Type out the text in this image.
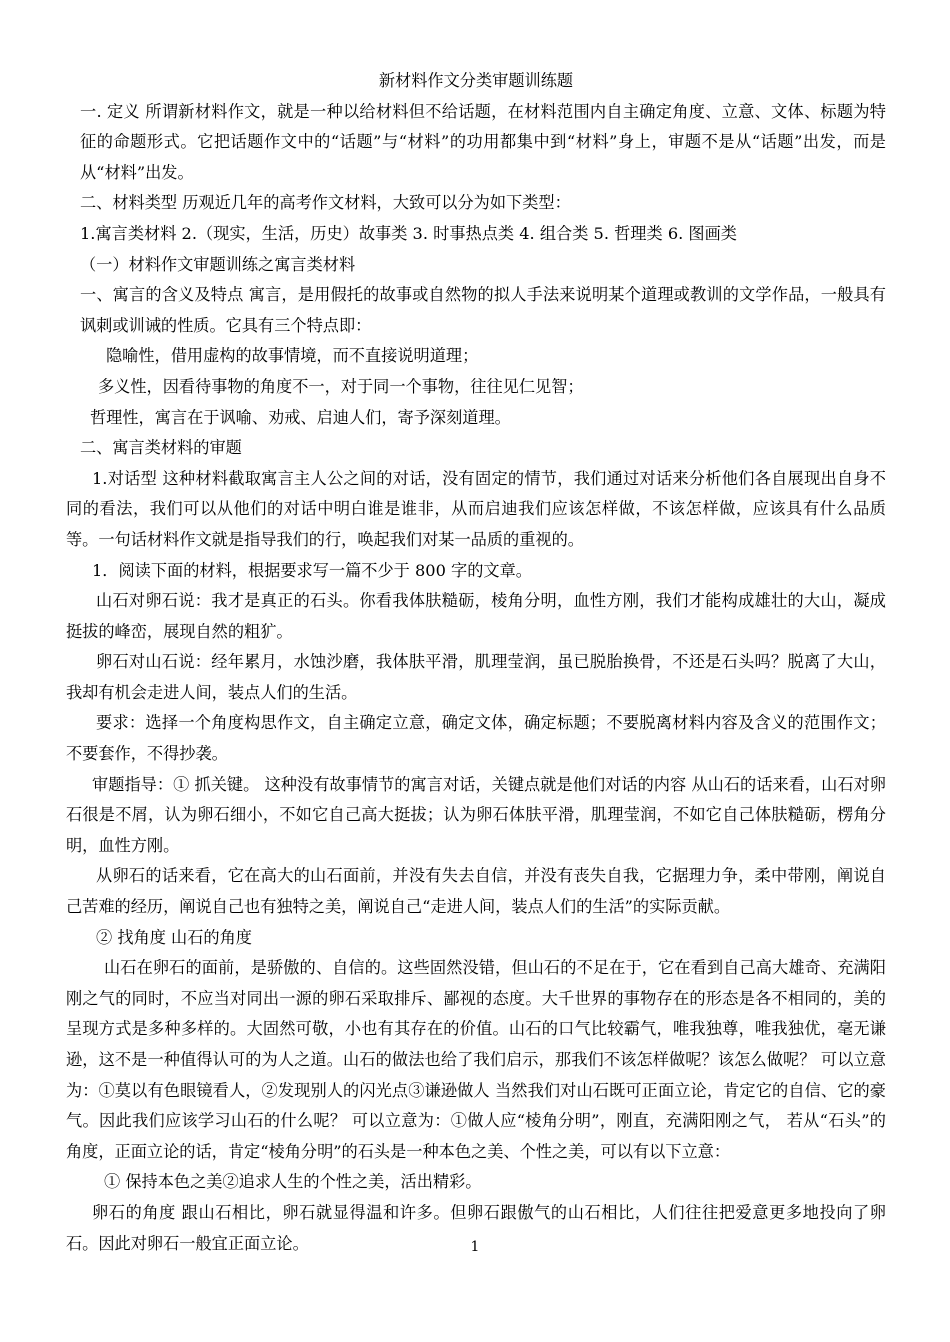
新材料作文分类审题训练题

一. 定义 所谓新材料作文，就是一种以给材料但不给话题，在材料范围内自主确定角度、立意、文体、标题为特征的命题形式。它把话题作文中的“话题”与“材料”的功用都集中到“材料”身上，审题不是从“话题”出发，而是从“材料”出发。

二、材料类型 历观近几年的高考作文材料，大致可以分为如下类型：

1.寓言类材料 2.（现实，生活，历史）故事类 3. 时事热点类 4. 组合类 5. 哲理类 6. 图画类

（一）材料作文审题训练之寓言类材料

一、寓言的含义及特点 寓言，是用假托的故事或自然物的拟人手法来说明某个道理或教训的文学作品，一般具有讽刺或训诫的性质。它具有三个特点即：

隐喻性，借用虚构的故事情境，而不直接说明道理；

多义性，因看待事物的角度不一，对于同一个事物，往往见仁见智；

哲理性，寓言在于讽喻、劝戒、启迪人们，寄予深刻道理。

二、寓言类材料的审题

1.对话型 这种材料截取寓言主人公之间的对话，没有固定的情节，我们通过对话来分析他们各自展现出自身不同的看法，我们可以从他们的对话中明白谁是谁非，从而启迪我们应该怎样做，不该怎样做，应该具有什么品质等。一句话材料作文就是指导我们的行，唤起我们对某一品质的重视的。

1．阅读下面的材料，根据要求写一篇不少于 800 字的文章。

山石对卵石说：我才是真正的石头。你看我体肤糙砺，棱角分明，血性方刚，我们才能构成雄壮的大山，凝成挺拔的峰峦，展现自然的粗犷。

卵石对山石说：经年累月，水蚀沙磨，我体肤平滑，肌理莹润，虽已脱胎换骨，不还是石头吗？脱离了大山，我却有机会走进人间，装点人们的生活。

要求：选择一个角度构思作文，自主确定立意，确定文体，确定标题；不要脱离材料内容及含义的范围作文；不要套作，不得抄袭。

审题指导：① 抓关键。 这种没有故事情节的寓言对话，关键点就是他们对话的内容 从山石的话来看，山石对卵石很是不屑，认为卵石细小，不如它自己高大挺拔；认为卵石体肤平滑，肌理莹润，不如它自己体肤糙砺，楞角分明，血性方刚。

从卵石的话来看，它在高大的山石面前，并没有失去自信，并没有丧失自我，它据理力争，柔中带刚，阐说自己苦难的经历，阐说自己也有独特之美，阐说自己“走进人间，装点人们的生活”的实际贡献。

② 找角度 山石的角度

山石在卵石的面前，是骄傲的、自信的。这些固然没错，但山石的不足在于，它在看到自己高大雄奇、充满阳刚之气的同时，不应当对同出一源的卵石采取排斥、鄙视的态度。大千世界的事物存在的形态是各不相同的，美的呈现方式是多种多样的。大固然可敬，小也有其存在的价值。山石的口气比较霸气，唯我独尊，唯我独优，毫无谦逊，这不是一种值得认可的为人之道。山石的做法也给了我们启示，那我们不该怎样做呢？该怎么做呢？ 可以立意为：①莫以有色眼镜看人，②发现别人的闪光点③谦逊做人 当然我们对山石既可正面立论，肯定它的自信、它的豪气。因此我们应该学习山石的什么呢？ 可以立意为：①做人应“棱角分明”，刚直，充满阳刚之气， 若从“石头”的角度，正面立论的话，肯定“棱角分明”的石头是一种本色之美、个性之美，可以有以下立意：

① 保持本色之美②追求人生的个性之美，活出精彩。

卵石的角度 跟山石相比，卵石就显得温和许多。但卵石跟傲气的山石相比，人们往往把爱意更多地投向了卵石。因此对卵石一般宜正面立论。	1
